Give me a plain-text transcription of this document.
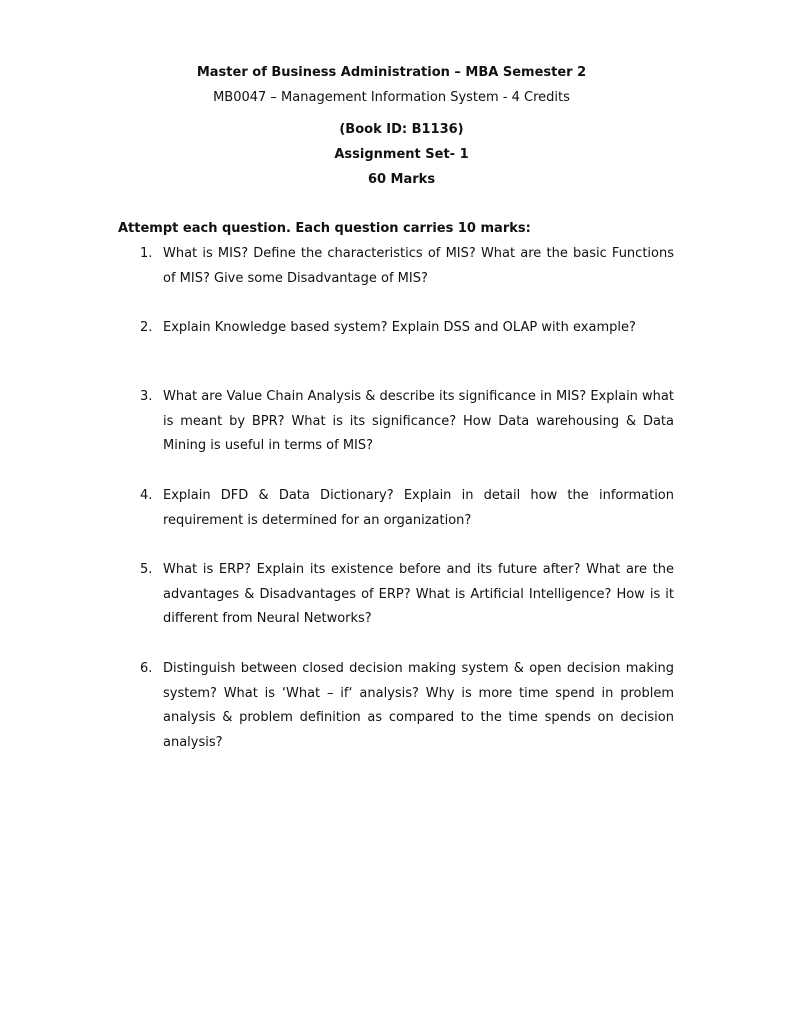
Master of Business Administration – MBA Semester 2
MB0047 – Management Information System - 4 Credits
(Book ID: B1136)
Assignment Set- 1
60 Marks
Attempt each question. Each question carries 10 marks:
1. What is MIS? Define the characteristics of MIS? What are the basic Functions of MIS? Give some Disadvantage of MIS?
2. Explain Knowledge based system? Explain DSS and OLAP with example?
3. What are Value Chain Analysis & describe its significance in MIS? Explain what is meant by BPR? What is its significance? How Data warehousing & Data Mining is useful in terms of MIS?
4. Explain DFD & Data Dictionary? Explain in detail how the information requirement is determined for an organization?
5. What is ERP? Explain its existence before and its future after? What are the advantages & Disadvantages of ERP? What is Artificial Intelligence? How is it different from Neural Networks?
6. Distinguish between closed decision making system & open decision making system? What is ‘What – if‘ analysis? Why is more time spend in problem analysis & problem definition as compared to the time spends on decision analysis?
